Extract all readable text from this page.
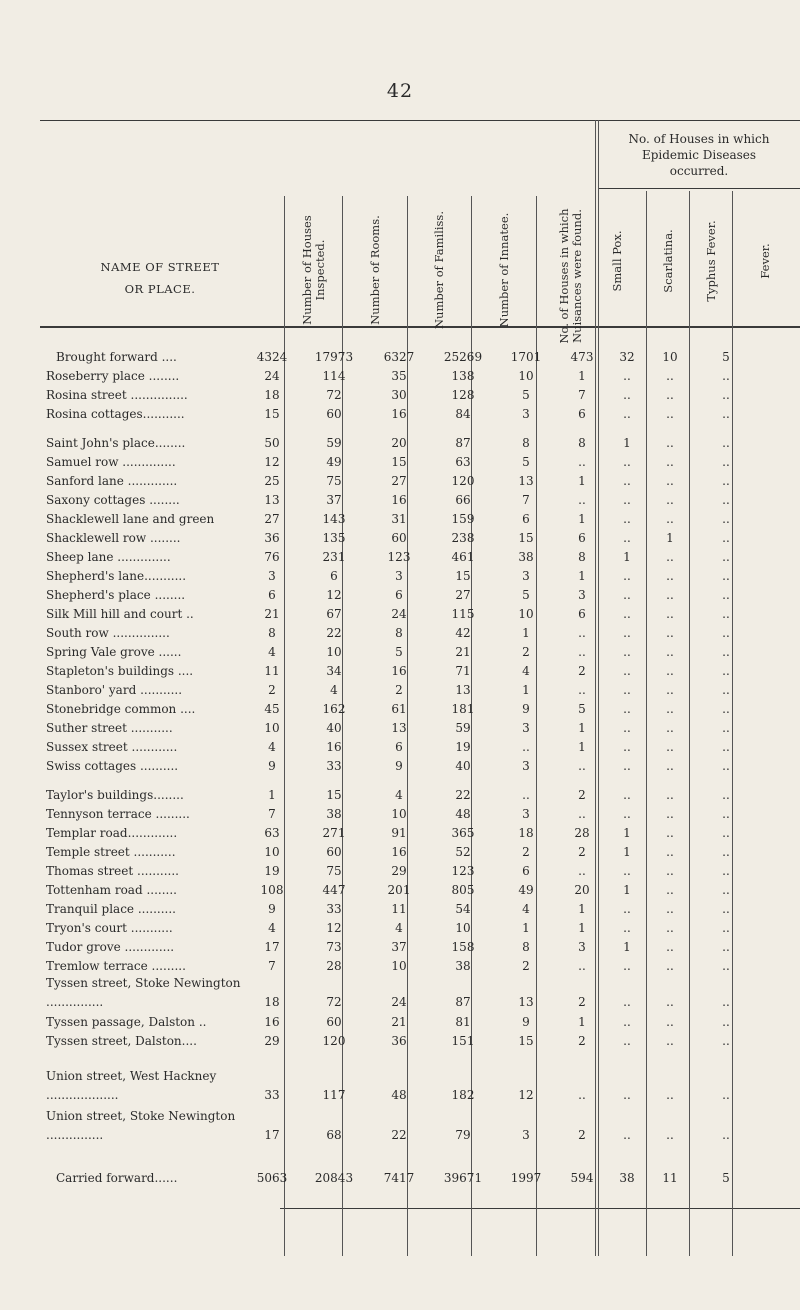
42
NAME OF STREET
OR PLACE.
No. of Houses in which
Epidemic Diseases
occurred.
Number of Houses Inspected.	Number of Rooms.	Number of Familiss.	Number of Innatee.	No. of Houses in which Nuisances were found.	Small Pox.	Scarlatina.	Typhus Fever.	Fever.
Brought forward ....	4324	17973	6327	25269	1701	473	32	10	5
Roseberry place ........	24	114	35	138	10	1	..	..	..
Rosina street ...............	18	72	30	128	5	7	..	..	..
Rosina cottages...........	15	60	16	84	3	6	..	..	..
Saint John's place........	50	59	20	87	8	8	1	..	..
Samuel row ..............	12	49	15	63	5	..	..	..	..
Sanford lane .............	25	75	27	120	13	1	..	..	..
Saxony cottages ........	13	37	16	66	7	..	..	..	..
Shacklewell lane and green	27	143	31	159	6	1	..	..	..
Shacklewell row ........	36	135	60	238	15	6	..	1	..
Sheep lane ..............	76	231	123	461	38	8	1	..	..
Shepherd's lane...........	3	6	3	15	3	1	..	..	..
Shepherd's place ........	6	12	6	27	5	3	..	..	..
Silk Mill hill and court ..	21	67	24	115	10	6	..	..	..
South row ...............	8	22	8	42	1	..	..	..	..
Spring Vale grove ......	4	10	5	21	2	..	..	..	..
Stapleton's buildings ....	11	34	16	71	4	2	..	..	..
Stanboro' yard ...........	2	4	2	13	1	..	..	..	..
Stonebridge common ....	45	162	61	181	9	5	..	..	..
Suther street ...........	10	40	13	59	3	1	..	..	..
Sussex street ............	4	16	6	19	..	1	..	..	..
Swiss cottages ..........	9	33	9	40	3	..	..	..	..
Taylor's buildings........	1	15	4	22	..	2	..	..	..
Tennyson terrace .........	7	38	10	48	3	..	..	..	..
Templar road.............	63	271	91	365	18	28	1	..	..
Temple street ...........	10	60	16	52	2	2	1	..	..
Thomas street ...........	19	75	29	123	6	..	..	..	..
Tottenham road ........	108	447	201	805	49	20	1	..	..
Tranquil place ..........	9	33	11	54	4	1	..	..	..
Tryon's court ...........	4	12	4	10	1	1	..	..	..
Tudor grove .............	17	73	37	158	8	3	1	..	..
Tremlow terrace .........	7	28	10	38	2	..	..	..	..
Tyssen street, Stoke Newington ...............	18	72	24	87	13	2	..	..	..
Tyssen passage, Dalston ..	16	60	21	81	9	1	..	..	..
Tyssen street, Dalston....	29	120	36	151	15	2	..	..	..
Union street, West Hackney ...................	33	117	48	182	12	..	..	..	..
Union street, Stoke Newington ...............	17	68	22	79	3	2	..	..	..
Carried forward......	5063	20843	7417	39671	1997	594	38	11	5
